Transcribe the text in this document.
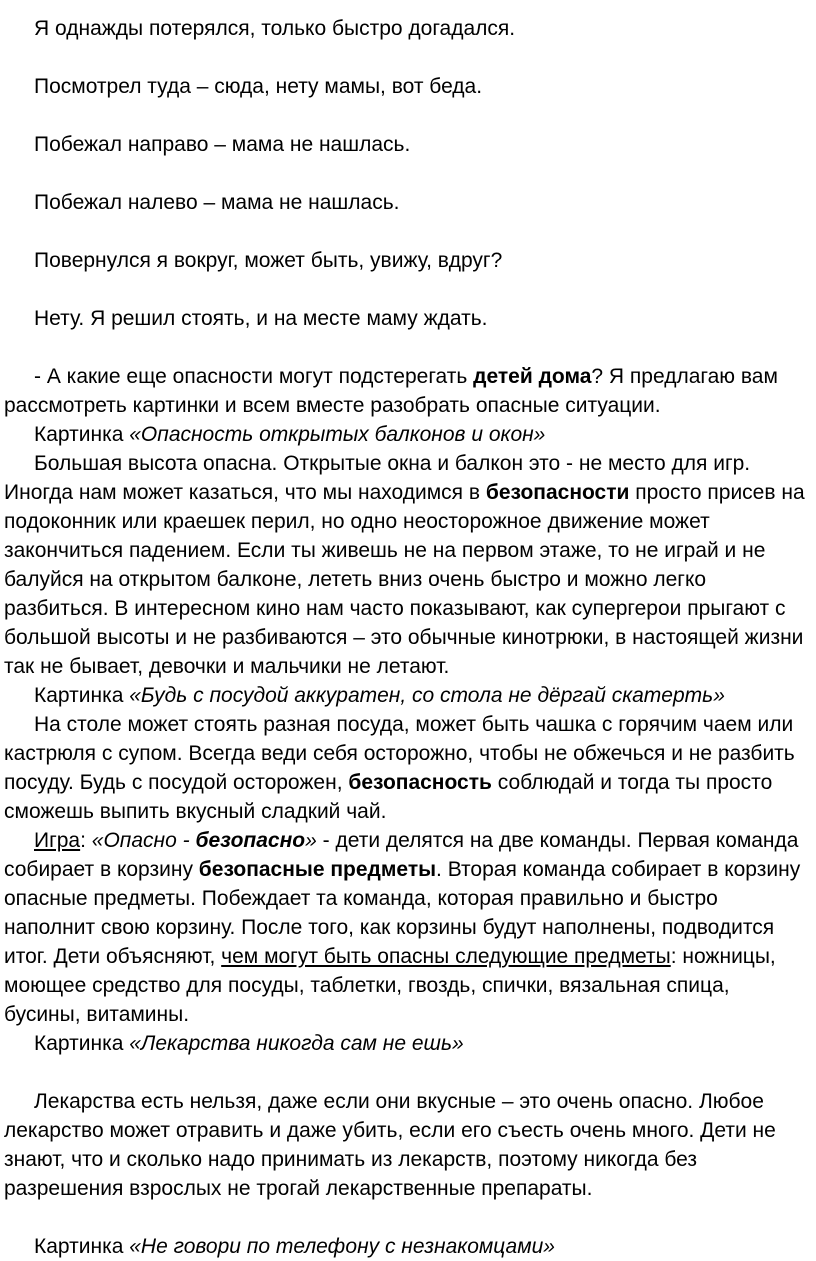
Я однажды потерялся, только быстро догадался.

Посмотрел туда – сюда, нету мамы, вот беда.

Побежал направо – мама не нашлась.

Побежал налево – мама не нашлась.

Повернулся я вокруг, может быть, увижу, вдруг?

Нету. Я решил стоять, и на месте маму ждать.

- А какие еще опасности могут подстерегать детей дома? Я предлагаю вам рассмотреть картинки и всем вместе разобрать опасные ситуации.

Картинка «Опасность открытых балконов и окон»

Большая высота опасна. Открытые окна и балкон это - не место для игр. Иногда нам может казаться, что мы находимся в безопасности просто присев на подоконник или краешек перил, но одно неосторожное движение может закончиться падением. Если ты живешь не на первом этаже, то не играй и не балуйся на открытом балконе, лететь вниз очень быстро и можно легко разбиться. В интересном кино нам часто показывают, как супергерои прыгают с большой высоты и не разбиваются – это обычные кинотрюки, в настоящей жизни так не бывает, девочки и мальчики не летают.

Картинка «Будь с посудой аккуратен, со стола не дёргай скатерть»

На столе может стоять разная посуда, может быть чашка с горячим чаем или кастрюля с супом. Всегда веди себя осторожно, чтобы не обжечься и не разбить посуду. Будь с посудой осторожен, безопасность соблюдай и тогда ты просто сможешь выпить вкусный сладкий чай.

Игра: «Опасно - безопасно» - дети делятся на две команды. Первая команда собирает в корзину безопасные предметы. Вторая команда собирает в корзину опасные предметы. Побеждает та команда, которая правильно и быстро наполнит свою корзину. После того, как корзины будут наполнены, подводится итог. Дети объясняют, чем могут быть опасны следующие предметы: ножницы, моющее средство для посуды, таблетки, гвоздь, спички, вязальная спица, бусины, витамины.

Картинка «Лекарства никогда сам не ешь»

Лекарства есть нельзя, даже если они вкусные – это очень опасно. Любое лекарство может отравить и даже убить, если его съесть очень много. Дети не знают, что и сколько надо принимать из лекарств, поэтому никогда без разрешения взрослых не трогай лекарственные препараты.

Картинка «Не говори по телефону с незнакомцами»
